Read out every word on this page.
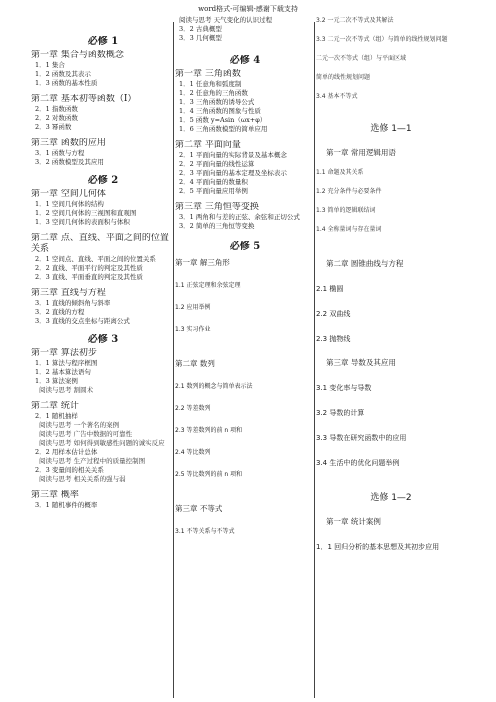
word格式-可编辑-感谢下载支持
必修 1
第一章 集合与函数概念
1．1 集合
1．2 函数及其表示
1．3 函数的基本性质
第二章 基本初等函数（Ⅰ）
2．1 指数函数
2．2 对数函数
2．3 幂函数
第三章 函数的应用
3．1 函数与方程
3．2 函数模型及其应用
必修 2
第一章 空间几何体
1．1 空间几何体的结构
1．2 空间几何体的三视图和直观图
1．3 空间几何体的表面积与体积
第二章 点、直线、平面之间的位置关系
2．1 空间点、直线、平面之间的位置关系
2．2 直线、平面平行的判定及其性质
2．3 直线、平面垂直的判定及其性质
第三章 直线与方程
3．1 直线的倾斜角与斜率
3．2 直线的方程
3．3 直线的交点坐标与距离公式
必修 3
第一章 算法初步
1．1 算法与程序框图
1．2 基本算法语句
1．3 算法案例
阅读与思考 割圆术
第二章 统计
2．1 随机抽样
阅读与思考 一个著名的案例
阅读与思考 广告中数据的可靠性
阅读与思考 如何得到敏感性问题的诚实反应
2．2 用样本估计总体
阅读与思考 生产过程中的质量控制图
2．3 变量间的相关关系
阅读与思考 相关关系的强与弱
第三章 概率
3．1 随机事件的概率
阅读与思考 天气变化的认识过程
3．2 古典概型
3．3 几何概型
必修 4
第一章 三角函数
1．1 任意角和弧度制
1．2 任意角的三角函数
1．3 三角函数的诱导公式
1．4 三角函数的图象与性质
1．5 函数 y=Asin（ωx+φ）
1．6 三角函数模型的简单应用
第二章 平面向量
2．1 平面向量的实际背景及基本概念
2．2 平面向量的线性运算
2．3 平面向量的基本定理及坐标表示
2．4 平面向量的数量积
2．5 平面向量应用举例
第三章 三角恒等变换
3．1 两角和与差的正弦、余弦和正切公式
3．2 简单的三角恒等变换
必修 5
第一章 解三角形
1.1 正弦定理和余弦定理
1.2 应用举例
1.3 实习作业
第二章 数列
2.1 数列的概念与简单表示法
2.2 等差数列
2.3 等差数列的前 n 项和
2.4 等比数列
2.5 等比数列的前 n 项和
第三章 不等式
3.1 不等关系与不等式
3.2 一元二次不等式及其解法
3.3 二元一次不等式（组）与简单的线性规划问题
二元一次不等式（组）与平面区域
简单的线性规划问题
3.4 基本不等式
选修 1—1
第一章 常用逻辑用语
1.1 命题及其关系
1.2 充分条件与必要条件
1.3 简单的逻辑联结词
1.4 全称量词与存在量词
第二章 圆锥曲线与方程
2.1 椭圆
2.2 双曲线
2.3 抛物线
第三章 导数及其应用
3.1 变化率与导数
3.2 导数的计算
3.3 导数在研究函数中的应用
3.4 生活中的优化问题举例
选修 1—2
第一章 统计案例
1．1 回归分析的基本思想及其初步应用
